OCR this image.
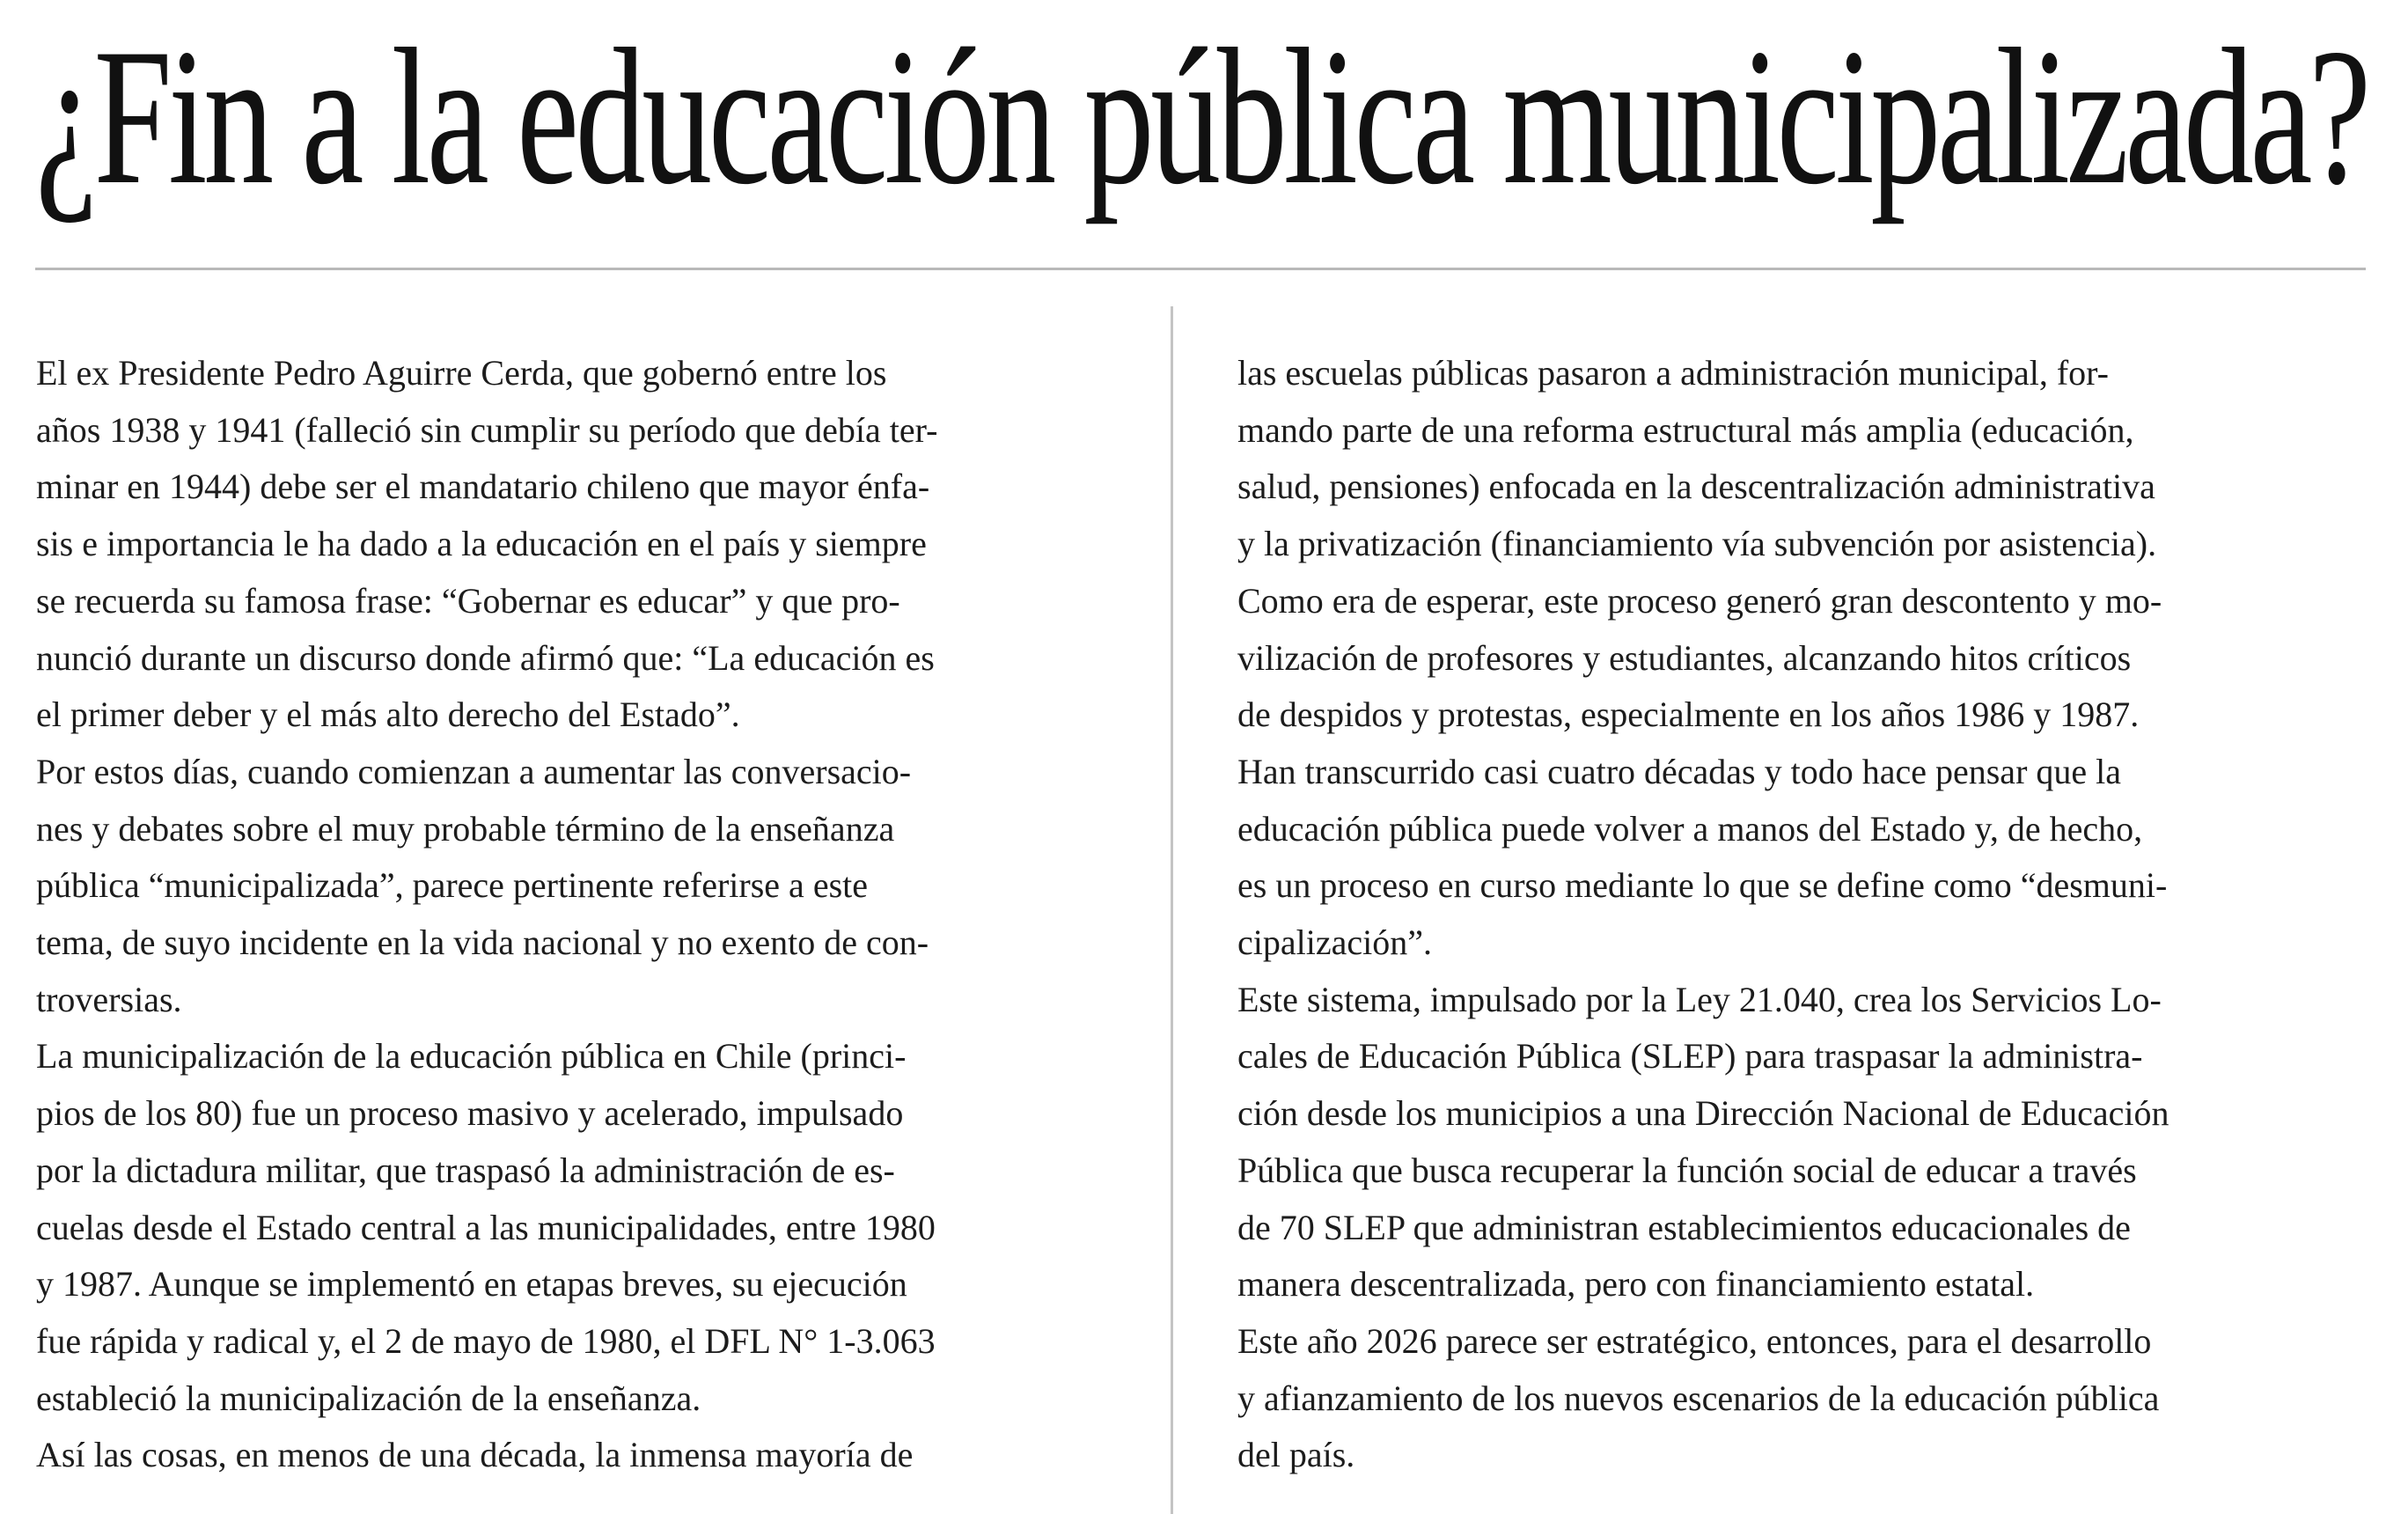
¿Fin a la educación pública municipalizada?
El ex Presidente Pedro Aguirre Cerda, que gobernó entre los
años 1938 y 1941 (falleció sin cumplir su período que debía ter-
minar en 1944) debe ser el mandatario chileno que mayor énfa-
sis e importancia le ha dado a la educación en el país y siempre
se recuerda su famosa frase: “Gobernar es educar” y que pro-
nunció durante un discurso donde afirmó que: “La educación es
el primer deber y el más alto derecho del Estado”.
Por estos días, cuando comienzan a aumentar las conversacio-
nes y debates sobre el muy probable término de la enseñanza
pública “municipalizada”, parece pertinente referirse a este
tema, de suyo incidente en la vida nacional y no exento de con-
troversias.
La municipalización de la educación pública en Chile (princi-
pios de los 80) fue un proceso masivo y acelerado, impulsado
por la dictadura militar, que traspasó la administración de es-
cuelas desde el Estado central a las municipalidades, entre 1980
y 1987. Aunque se implementó en etapas breves, su ejecución
fue rápida y radical y, el 2 de mayo de 1980, el DFL N° 1-3.063
estableció la municipalización de la enseñanza.
Así las cosas, en menos de una década, la inmensa mayoría de
las escuelas públicas pasaron a administración municipal, for-
mando parte de una reforma estructural más amplia (educación,
salud, pensiones) enfocada en la descentralización administrativa
y la privatización (financiamiento vía subvención por asistencia).
Como era de esperar, este proceso generó gran descontento y mo-
vilización de profesores y estudiantes, alcanzando hitos críticos
de despidos y protestas, especialmente en los años 1986 y 1987.
Han transcurrido casi cuatro décadas y todo hace pensar que la
educación pública puede volver a manos del Estado y, de hecho,
es un proceso en curso mediante lo que se define como “desmuni-
cipalización”.
Este sistema, impulsado por la Ley 21.040, crea los Servicios Lo-
cales de Educación Pública (SLEP) para traspasar la administra-
ción desde los municipios a una Dirección Nacional de Educación
Pública que busca recuperar la función social de educar a través
de 70 SLEP que administran establecimientos educacionales de
manera descentralizada, pero con financiamiento estatal.
Este año 2026 parece ser estratégico, entonces, para el desarrollo
y afianzamiento de los nuevos escenarios de la educación pública
del país.
